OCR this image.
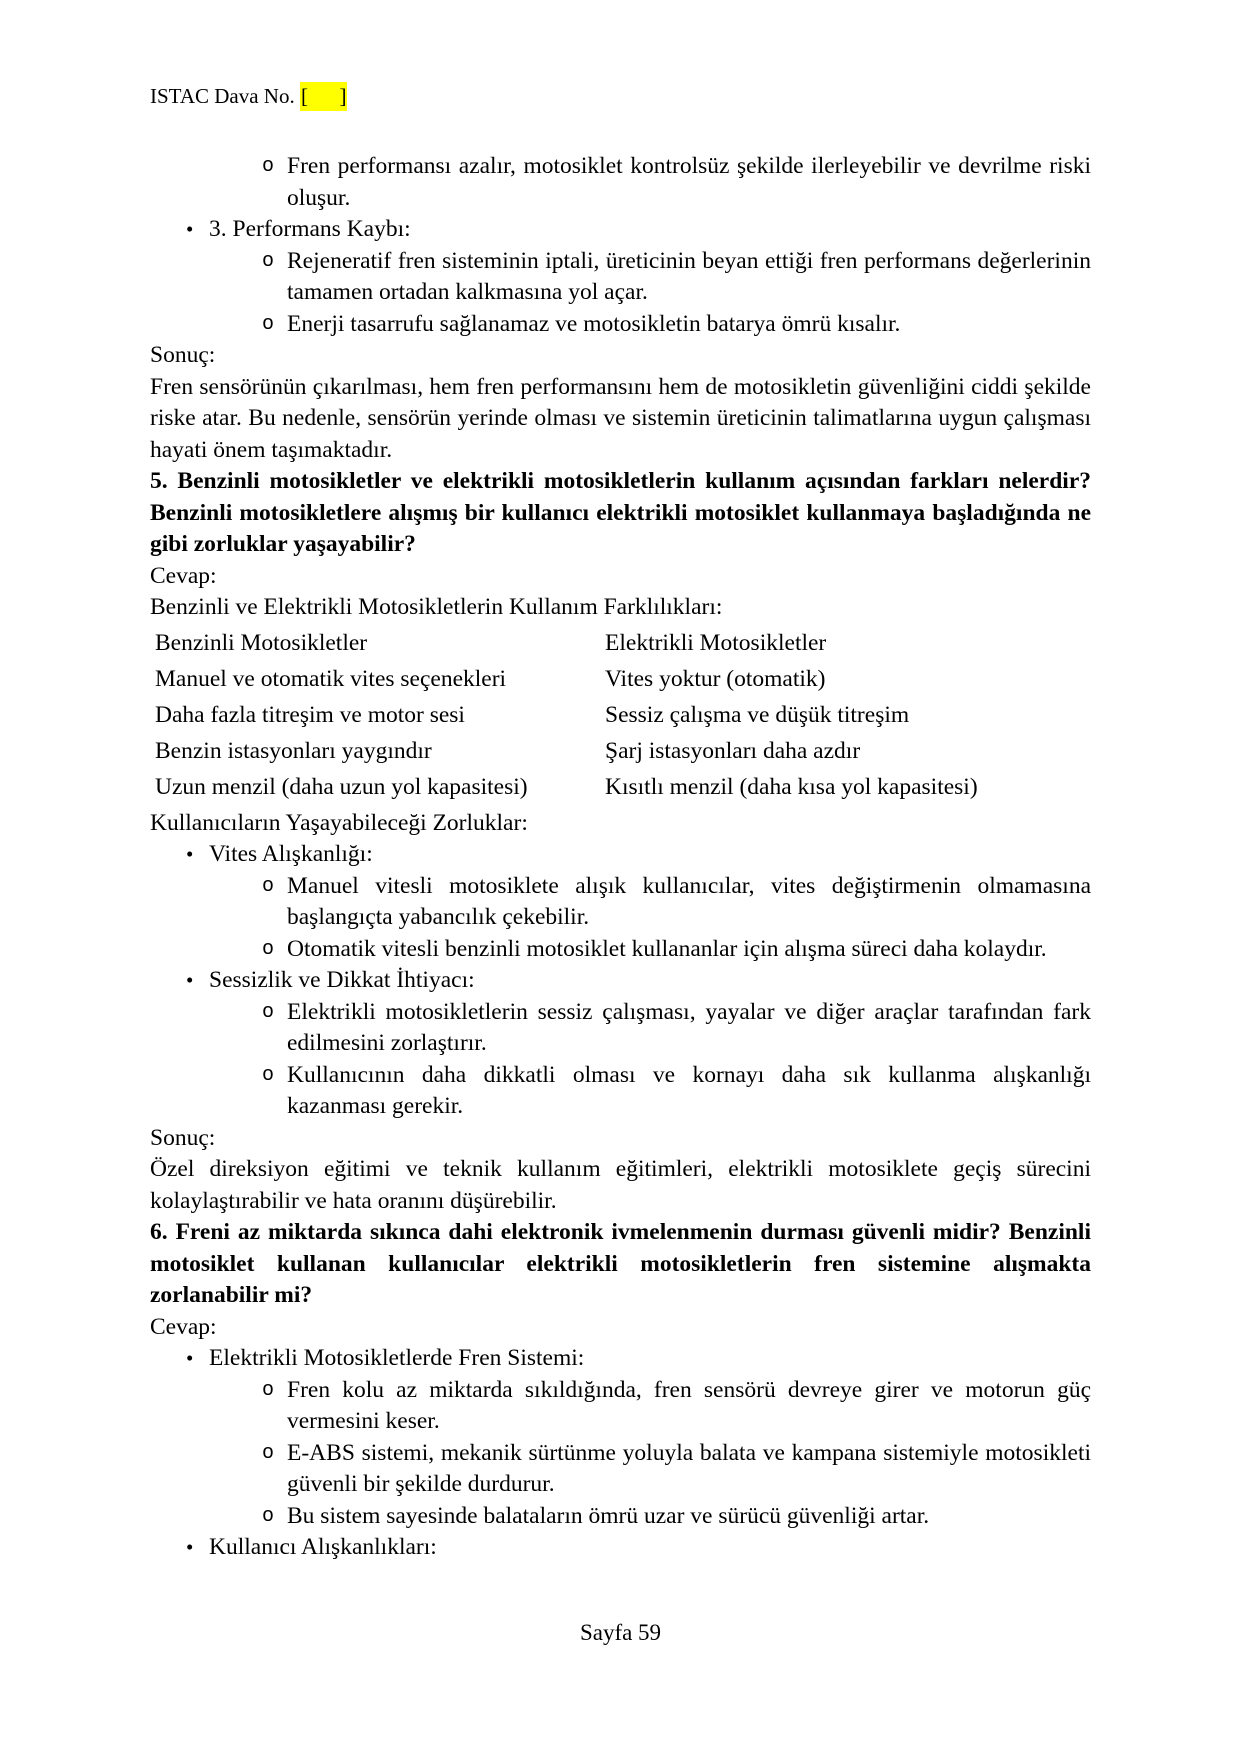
ISTAC Dava No. [      ]
o Fren performansı azalır, motosiklet kontrolsüz şekilde ilerleyebilir ve devrilme riski oluşur.
• 3. Performans Kaybı:
o Rejeneratif fren sisteminin iptali, üreticinin beyan ettiği fren performans değerlerinin tamamen ortadan kalkmasına yol açar.
o Enerji tasarrufu sağlanamaz ve motosikletin batarya ömrü kısalır.
Sonuç:
Fren sensörünün çıkarılması, hem fren performansını hem de motosikletin güvenliğini ciddi şekilde riske atar. Bu nedenle, sensörün yerinde olması ve sistemin üreticinin talimatlarına uygun çalışması hayati önem taşımaktadır.
5. Benzinli motosikletler ve elektrikli motosikletlerin kullanım açısından farkları nelerdir? Benzinli motosikletlere alışmış bir kullanıcı elektrikli motosiklet kullanmaya başladığında ne gibi zorluklar yaşayabilir?
Cevap:
Benzinli ve Elektrikli Motosikletlerin Kullanım Farklılıkları:
Benzinli Motosikletler	Elektrikli Motosikletler
Manuel ve otomatik vites seçenekleri	Vites yoktur (otomatik)
Daha fazla titreşim ve motor sesi	Sessiz çalışma ve düşük titreşim
Benzin istasyonları yaygındır	Şarj istasyonları daha azdır
Uzun menzil (daha uzun yol kapasitesi)	Kısıtlı menzil (daha kısa yol kapasitesi)
Kullanıcıların Yaşayabileceği Zorluklar:
• Vites Alışkanlığı:
o Manuel vitesli motosiklete alışık kullanıcılar, vites değiştirmenin olmamasına başlangıçta yabancılık çekebilir.
o Otomatik vitesli benzinli motosiklet kullananlar için alışma süreci daha kolaydır.
• Sessizlik ve Dikkat İhtiyacı:
o Elektrikli motosikletlerin sessiz çalışması, yayalar ve diğer araçlar tarafından fark edilmesini zorlaştırır.
o Kullanıcının daha dikkatli olması ve kornayı daha sık kullanma alışkanlığı kazanması gerekir.
Sonuç:
Özel direksiyon eğitimi ve teknik kullanım eğitimleri, elektrikli motosiklete geçiş sürecini kolaylaştırabilir ve hata oranını düşürebilir.
6. Freni az miktarda sıkınca dahi elektronik ivmelenmenin durması güvenli midir? Benzinli motosiklet kullanan kullanıcılar elektrikli motosikletlerin fren sistemine alışmakta zorlanabilir mi?
Cevap:
• Elektrikli Motosikletlerde Fren Sistemi:
o Fren kolu az miktarda sıkıldığında, fren sensörü devreye girer ve motorun güç vermesini keser.
o E-ABS sistemi, mekanik sürtünme yoluyla balata ve kampana sistemiyle motosikleti güvenli bir şekilde durdurur.
o Bu sistem sayesinde balataların ömrü uzar ve sürücü güvenliği artar.
• Kullanıcı Alışkanlıkları:
Sayfa 59
